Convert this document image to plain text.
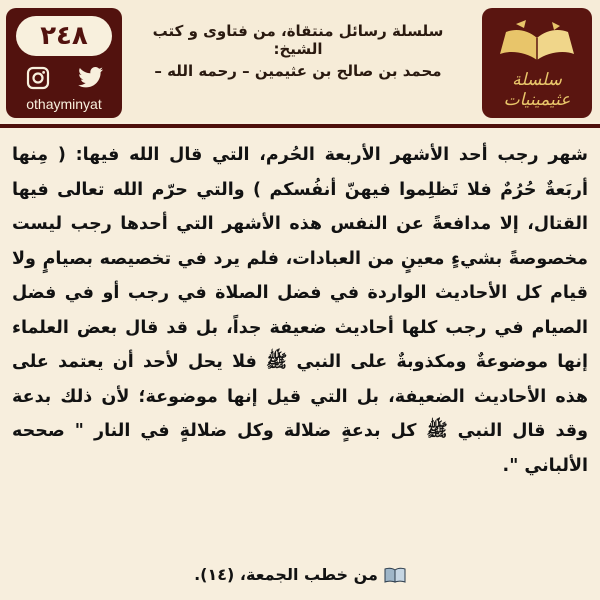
٢٤٨
othayminyat
سلسلة رسائل منتقاة، من فتاوى و كتب الشيخ:
محمد بن صالح بن عثيمين – رحمه الله –	سلسلة عثيمينيات
شهر رجب أحد الأشهر الأربعة الحُرم، التي قال الله فيها: ( مِنها أربَعةٌ حُرُمٌ فلا تَظلِموا فيهنّ أنفُسكم ) والتي حرّم الله تعالى فيها القتال، إلا مدافعةً عن النفس هذه الأشهر التي أحدها رجب ليست مخصوصةً بشيءٍ معينٍ من العبادات، فلم يرد في تخصيصه بصيامٍ ولا قيام كل الأحاديث الواردة في فضل الصلاة في رجب أو في فضل الصيام في رجب كلها أحاديث ضعيفة جداً، بل قد قال بعض العلماء إنها موضوعةٌ ومكذوبةٌ على النبي ﷺ فلا يحل لأحد أن يعتمد على هذه الأحاديث الضعيفة، بل التي قيل إنها موضوعة؛ لأن ذلك بدعة وقد قال النبي ﷺ كل بدعةٍ ضلالة وكل ضلالةٍ في النار " صححه الألباني ".
من خطب الجمعة، (١٤).
